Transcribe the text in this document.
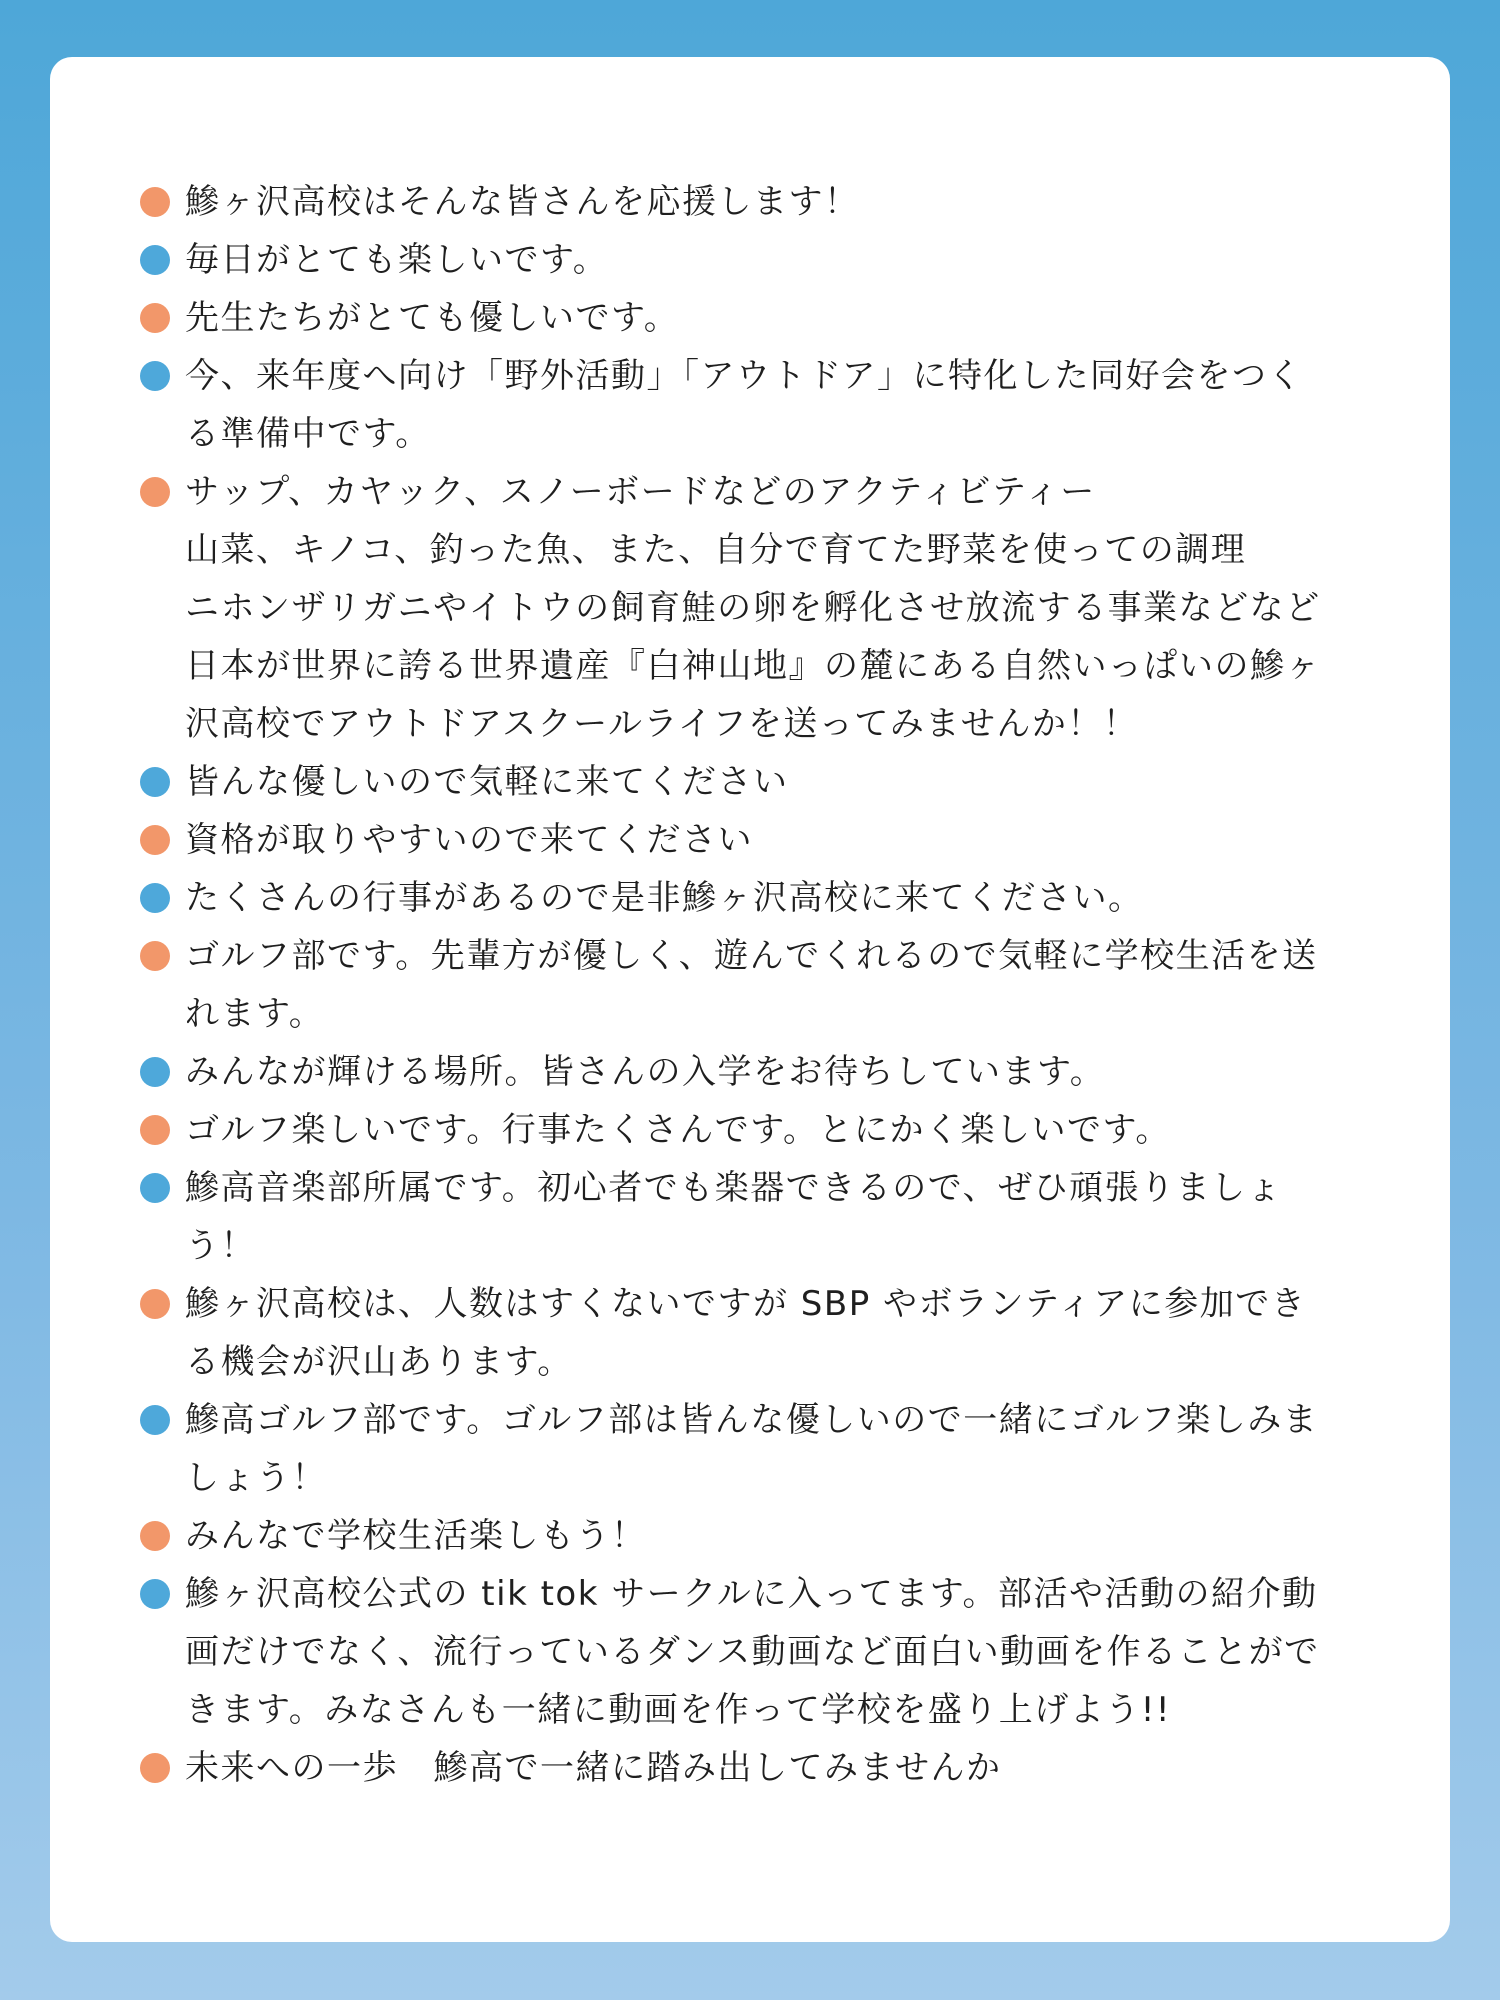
鰺ヶ沢高校はそんな皆さんを応援します！
毎日がとても楽しいです。
先生たちがとても優しいです。
今、来年度へ向け「野外活動」「アウトドア」に特化した同好会をつくる準備中です。
サップ、カヤック、スノーボードなどのアクティビティー
山菜、キノコ、釣った魚、また、自分で育てた野菜を使っての調理
ニホンザリガニやイトウの飼育鮭の卵を孵化させ放流する事業などなど日本が世界に誇る世界遺産『白神山地』の麓にある自然いっぱいの鰺ヶ沢高校でアウトドアスクールライフを送ってみませんか！！
皆んな優しいので気軽に来てください
資格が取りやすいので来てください
たくさんの行事があるので是非鰺ヶ沢高校に来てください。
ゴルフ部です。先輩方が優しく、遊んでくれるので気軽に学校生活を送れます。
みんなが輝ける場所。皆さんの入学をお待ちしています。
ゴルフ楽しいです。行事たくさんです。とにかく楽しいです。
鰺高音楽部所属です。初心者でも楽器できるので、ぜひ頑張りましょう！
鰺ヶ沢高校は、人数はすくないですが SBP やボランティアに参加できる機会が沢山あります。
鰺高ゴルフ部です。ゴルフ部は皆んな優しいので一緒にゴルフ楽しみましょう！
みんなで学校生活楽しもう！
鰺ヶ沢高校公式の tik tok サークルに入ってます。部活や活動の紹介動画だけでなく、流行っているダンス動画など面白い動画を作ることができます。みなさんも一緒に動画を作って学校を盛り上げよう!!
未来への一歩　鰺高で一緒に踏み出してみませんか
